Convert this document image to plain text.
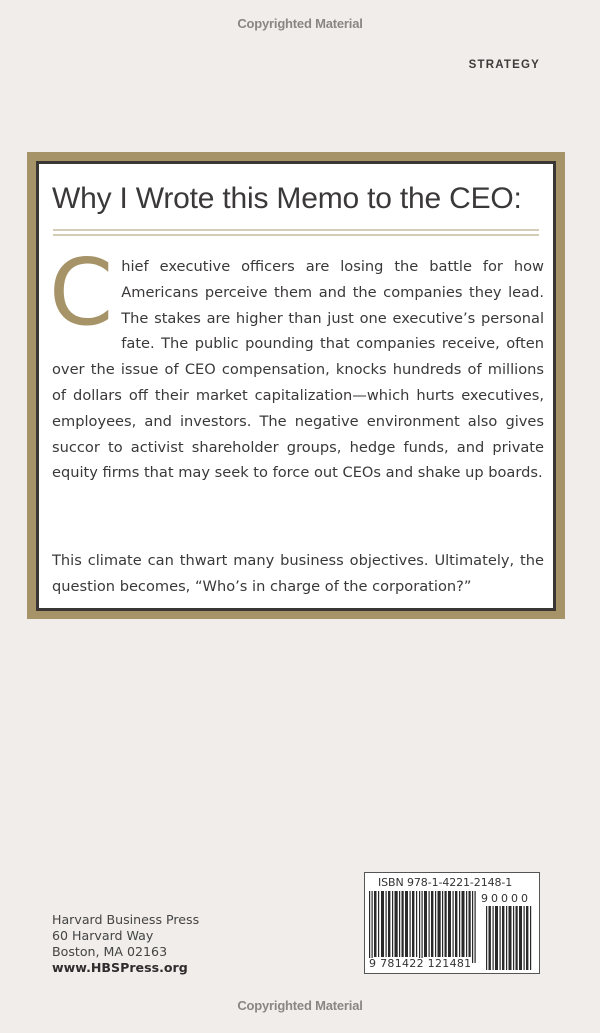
Copyrighted Material
STRATEGY
Why I Wrote this Memo to the CEO:
Chief executive officers are losing the battle for how Americans perceive them and the companies they lead. The stakes are higher than just one executive’s personal fate. The public pounding that companies receive, often over the issue of CEO compensation, knocks hundreds of millions of dollars off their market capitalization—which hurts executives, employees, and investors. The negative environment also gives succor to activist shareholder groups, hedge funds, and private equity firms that may seek to force out CEOs and shake up boards.
This climate can thwart many business objectives. Ultimately, the question becomes, “Who’s in charge of the corporation?”
Harvard Business Press
60 Harvard Way
Boston, MA 02163
www.HBSPress.org
ISBN 978-1-4221-2148-1
90000
9 781422 121481
Copyrighted Material
